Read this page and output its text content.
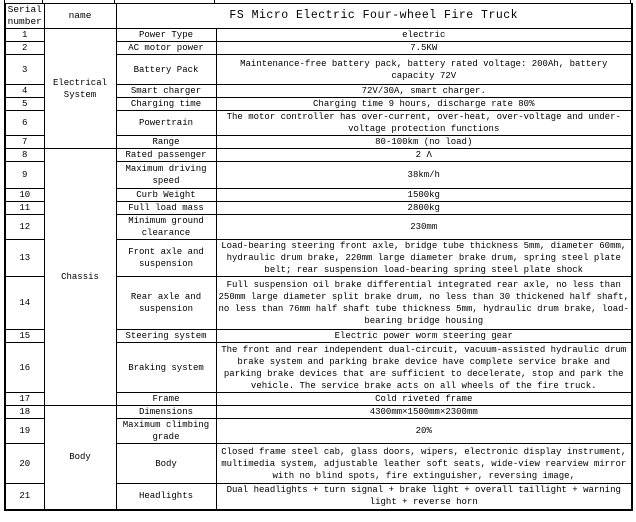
Serial number	name	FS Micro Electric Four-wheel Fire Truck	
1	Electrical System	Power Type	electric
2		AC motor power	7.5KW
3		Battery Pack	Maintenance-free battery pack, battery rated voltage: 200Ah, battery capacity 72V
4		Smart charger	72V/30A, smart charger.
5		Charging time	Charging time 9 hours, discharge rate 80%
6		Powertrain	The motor controller has over-current, over-heat, over-voltage and under-voltage protection functions
7		Range	80-100km (no load)
8	Chassis	Rated passenger	2 Λ
9		Maximum driving speed	38km/h
10		Curb Weight	1500kg
11		Full load mass	2800kg
12		Minimum ground clearance	230mm
13		Front axle and suspension	Load-bearing steering front axle, bridge tube thickness 5mm, diameter 60mm, hydraulic drum brake, 220mm large diameter brake drum, spring steel plate belt; rear suspension load-bearing spring steel plate shock
14		Rear axle and suspension	Full suspension oil brake differential integrated rear axle, no less than 250mm large diameter split brake drum, no less than 30 thickened half shaft, no less than 76mm half shaft tube thickness 5mm, hydraulic drum brake, load-bearing bridge housing
15		Steering system	Electric power worm steering gear
16		Braking system	The front and rear independent dual-circuit, vacuum-assisted hydraulic drum brake system and parking brake device have complete service brake and parking brake devices that are sufficient to decelerate, stop and park the vehicle. The service brake acts on all wheels of the fire truck.
17		Frame	Cold riveted frame
18	Body	Dimensions	4300mm×1500mm×2300mm
19		Maximum climbing grade	20%
20		Body	Closed frame steel cab, glass doors, wipers, electronic display instrument, multimedia system, adjustable leather soft seats, wide-view rearview mirror with no blind spots, fire extinguisher, reversing image,
21		Headlights	Dual headlights + turn signal + brake light + overall taillight + warning light + reverse horn
